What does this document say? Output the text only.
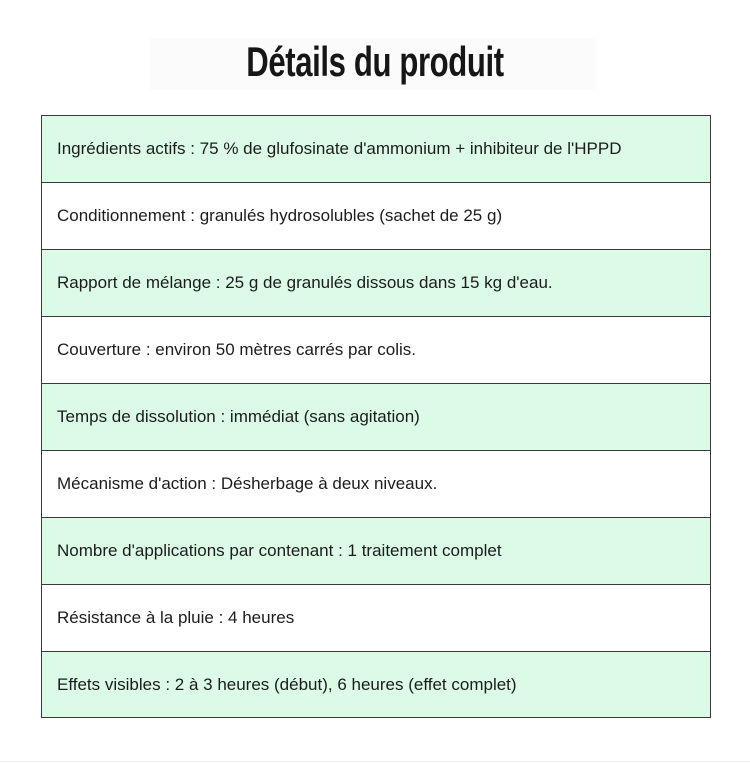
Détails du produit
Ingrédients actifs : 75 % de glufosinate d'ammonium + inhibiteur de l'HPPD
Conditionnement : granulés hydrosolubles (sachet de 25 g)
Rapport de mélange : 25 g de granulés dissous dans 15 kg d'eau.
Couverture : environ 50 mètres carrés par colis.
Temps de dissolution : immédiat (sans agitation)
Mécanisme d'action : Désherbage à deux niveaux.
Nombre d'applications par contenant : 1 traitement complet
Résistance à la pluie : 4 heures
Effets visibles : 2 à 3 heures (début), 6 heures (effet complet)
